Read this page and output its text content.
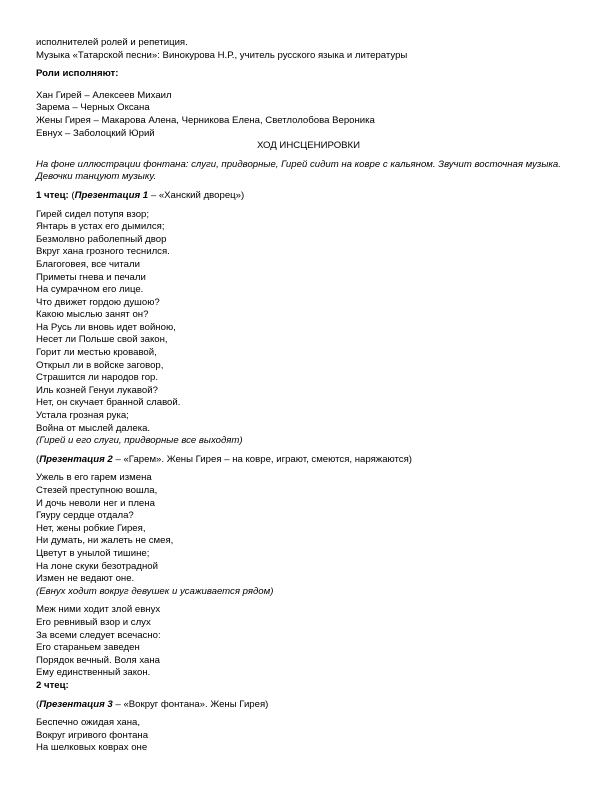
исполнителей ролей и репетиция.
Музыка «Татарской песни»: Винокурова Н.Р., учитель русского языка и литературы
Роли исполняют:
Хан Гирей – Алексеев Михаил
Зарема – Черных Оксана
Жены Гирея – Макарова Алена, Черникова Елена, Светлолобова Вероника
Евнух – Заболоцкий Юрий
ХОД ИНСЦЕНИРОВКИ
На фоне иллюстрации фонтана: слуги, придворные, Гирей сидит на ковре с кальяном. Звучит восточная музыка.
Девочки танцуют музыку.
1 чтец: (Презентация 1 – «Ханский дворец»)
Гирей сидел потупя взор;
Янтарь в устах его дымился;
Безмолвно раболепный двор
Вкруг хана грозного теснился.
Благоговея, все читали
Приметы гнева и печали
На сумрачном его лице.
Что движет гордою душою?
Какою мыслью занят он?
На Русь ли вновь идет войною,
Несет ли Польше свой закон,
Горит ли местью кровавой,
Открыл ли в войске заговор,
Страшится ли народов гор.
Иль козней Генуи лукавой?
Нет, он скучает бранной славой.
Устала грозная рука;
Война от мыслей далека.
(Гирей и его слуги, придворные все выходят)
(Презентация 2 – «Гарем». Жены Гирея – на ковре, играют, смеются, наряжаются)
Ужель в его гарем измена
Стезей преступною вошла,
И дочь неволи нег и плена
Гяуру сердце отдала?
Нет, жены робкие Гирея,
Ни думать, ни жалеть не смея,
Цветут в унылой тишине;
На лоне скуки безотрадной
Измен не ведают оне.
(Евнух ходит вокруг девушек и усаживается рядом)
Меж ними ходит злой евнух
Его ревнивый взор и слух
За всеми следует всечасно:
Его стараньем заведен
Порядок вечный. Воля хана
Ему единственный закон.
2 чтец:
(Презентация 3 – «Вокруг фонтана». Жены Гирея)
Беспечно ожидая хана,
Вокруг игривого фонтана
На шелковых коврах оне
